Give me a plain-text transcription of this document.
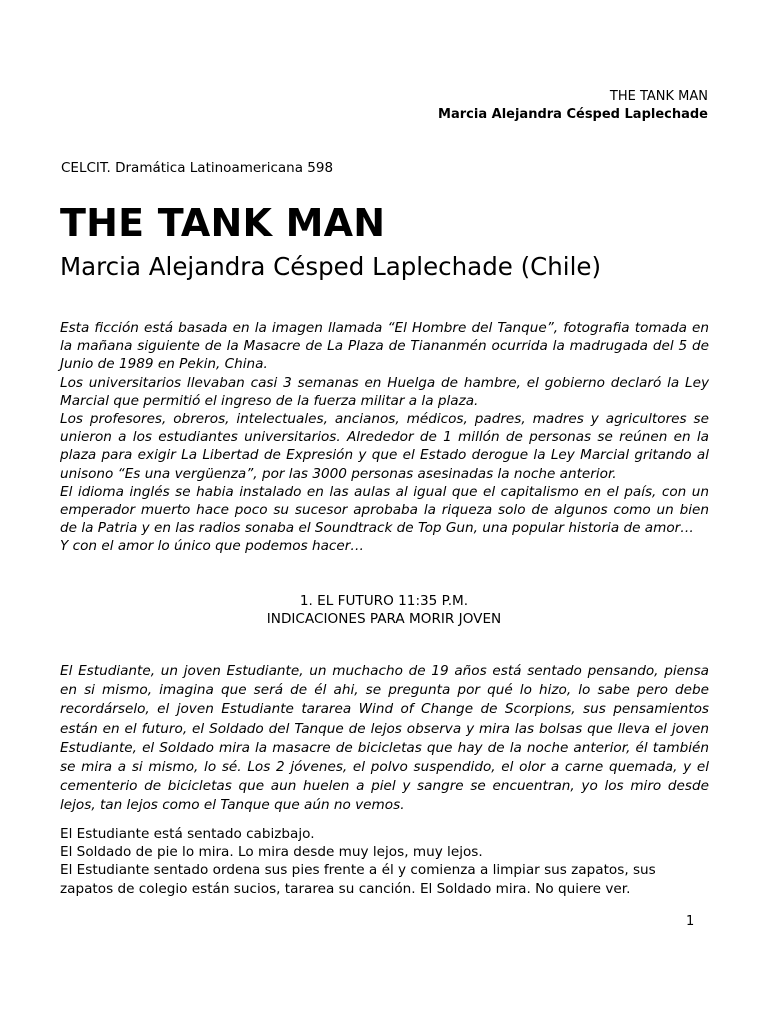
THE TANK MAN
Marcia Alejandra Césped Laplechade
CELCIT. Dramática Latinoamericana 598
THE TANK MAN
Marcia Alejandra Césped Laplechade (Chile)

Esta ficción está basada en la imagen llamada “El Hombre del Tanque”, fotografia tomada en la mañana siguiente de la Masacre de La Plaza de Tiananmén ocurrida la madrugada del 5 de Junio de 1989 en Pekin, China.

Los universitarios llevaban casi 3 semanas en Huelga de hambre, el gobierno declaró la Ley Marcial que permitió el ingreso de la fuerza militar a la plaza.

Los profesores, obreros, intelectuales, ancianos, médicos, padres, madres y agricultores se unieron a los estudiantes universitarios. Alrededor de 1 millón de personas se reúnen en la plaza para exigir La Libertad de Expresión y que el Estado derogue la Ley Marcial gritando al unisono “Es una vergüenza”, por las 3000 personas asesinadas la noche anterior.

El idioma inglés se habia instalado en las aulas al igual que el capitalismo en el país, con un emperador muerto hace poco su sucesor aprobaba la riqueza solo de algunos como un bien de la Patria y en las radios sonaba el Soundtrack de Top Gun, una popular historia de amor…

Y con el amor lo único que podemos hacer…

1. EL FUTURO 11:35 P.M.
INDICACIONES PARA MORIR JOVEN

El Estudiante, un joven Estudiante, un muchacho de 19 años está sentado pensando, piensa en si mismo, imagina que será de él ahi, se pregunta por qué lo hizo, lo sabe pero debe recordárselo, el joven Estudiante tararea Wind of Change de Scorpions, sus pensamientos están en el futuro, el Soldado del Tanque de lejos observa y mira las bolsas que lleva el joven Estudiante, el Soldado mira la masacre de bicicletas que hay de la noche anterior, él también se mira a si mismo, lo sé. Los 2 jóvenes, el polvo suspendido, el olor a carne quemada, y el cementerio de bicicletas que aun huelen a piel y sangre se encuentran, yo los miro desde lejos, tan lejos como el Tanque que aún no vemos.

El Estudiante está sentado cabizbajo.

El Soldado de pie lo mira. Lo mira desde muy lejos, muy lejos.

El Estudiante sentado ordena sus pies frente a él y comienza a limpiar sus zapatos, sus zapatos de colegio están sucios, tararea su canción. El Soldado mira. No quiere ver.

1
